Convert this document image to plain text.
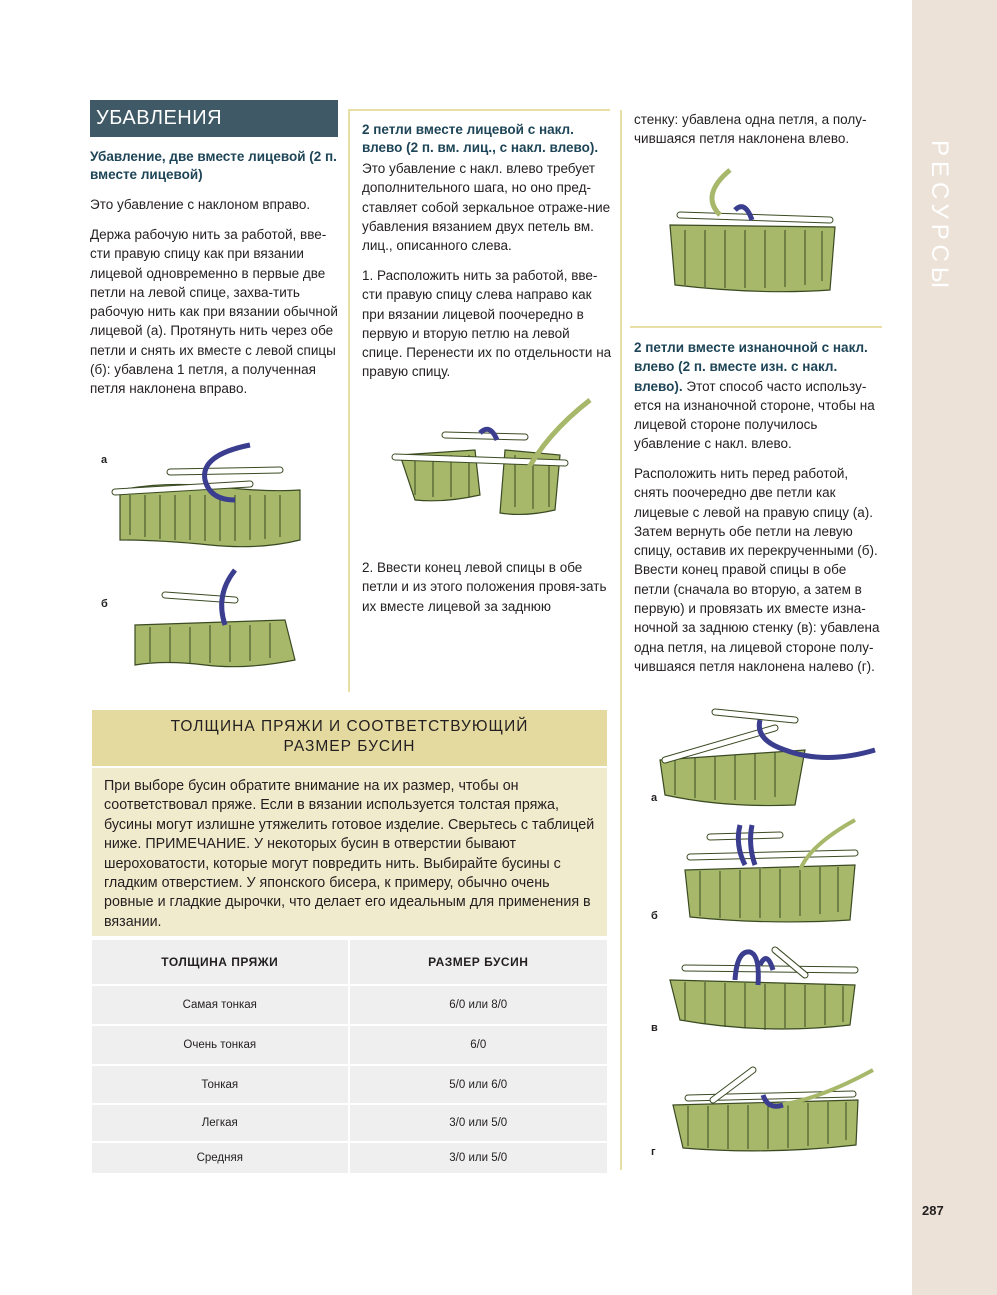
РЕСУРСЫ
287
УБАВЛЕНИЯ
Убавление, две вместе лицевой (2 п. вместе лицевой)
Это убавление с наклоном вправо.
Держа рабочую нить за работой, вве-сти правую спицу как при вязании лицевой одновременно в первые две петли на левой спице, захва-тить рабочую нить как при вязании обычной лицевой (а). Протянуть нить через обе петли и снять их вместе с левой спицы (б): убавлена 1 петля, а полученная петля наклонена вправо.
а
б
2 петли вместе лицевой с накл. влево (2 п. вм. лиц., с накл. влево).
Это убавление с накл. влево требует дополнительного шага, но оно пред-ставляет собой зеркальное отраже-ние убавления вязанием двух петель вм. лиц., описанного слева.
1. Расположить нить за работой, вве-сти правую спицу слева направо как при вязании лицевой поочередно в первую и вторую петлю на левой спице. Перенести их по отдельности на правую спицу.
2. Ввести конец левой спицы в обе петли и из этого положения провя-зать их вместе лицевой за заднюю
стенку: убавлена одна петля, а полу-чившаяся петля наклонена влево.
2 петли вместе изнаночной с накл. влево (2 п. вместе изн. с накл. влево). Этот способ часто использу-ется на изнаночной стороне, чтобы на лицевой стороне получилось убавление с накл. влево.
Расположить нить перед работой, снять поочередно две петли как лицевые с левой на правую спицу (а). Затем вернуть обе петли на левую спицу, оставив их перекрученными (б). Ввести конец правой спицы в обе петли (сначала во вторую, а затем в первую) и провязать их вместе изна-ночной за заднюю стенку (в): убавлена одна петля, на лицевой стороне полу-чившаяся петля наклонена налево (г).
а
б
в
г
ТОЛЩИНА ПРЯЖИ И СООТВЕТСТВУЮЩИЙ
РАЗМЕР БУСИН
При выборе бусин обратите внимание на их размер, чтобы он соответствовал пряже. Если в вязании используется толстая пряжа, бусины могут излишне утяжелить готовое изделие. Сверьтесь с таблицей ниже. ПРИМЕЧАНИЕ. У некоторых бусин в отверстии бывают шероховатости, которые могут повредить нить. Выбирайте бусины с гладким отверстием. У японского бисера, к примеру, обычно очень ровные и гладкие дырочки, что делает его идеальным для применения в вязании.
ТОЛЩИНА ПРЯЖИ	РАЗМЕР БУСИН
Самая тонкая	6/0 или 8/0
Очень тонкая	6/0
Тонкая	5/0 или 6/0
Легкая	3/0 или 5/0
Средняя	3/0 или 5/0
